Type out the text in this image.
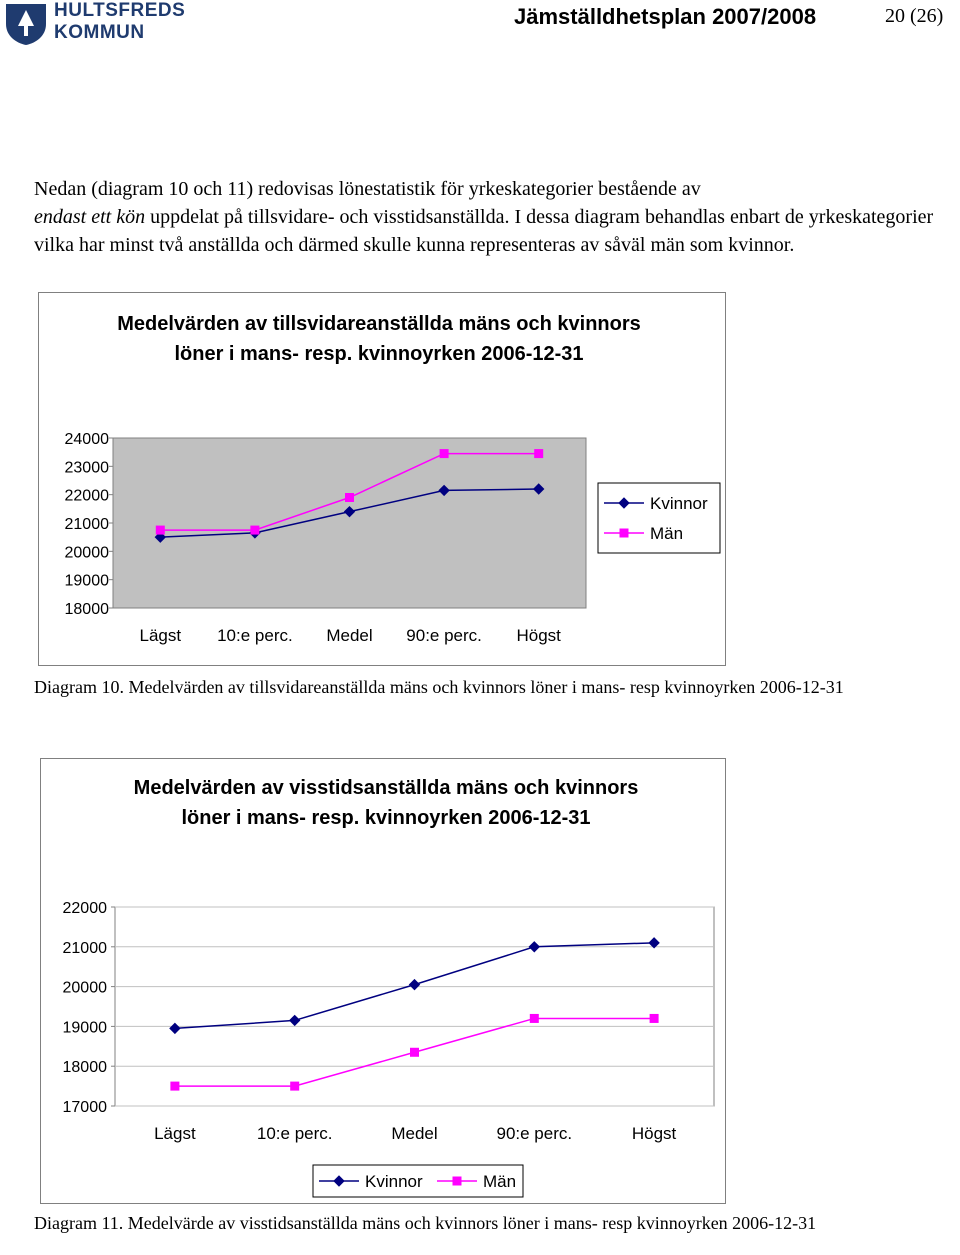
HULTSFREDS
KOMMUN
Jämställdhetsplan 2007/2008	20 (26)

Nedan (diagram 10 och 11) redovisas lönestatistik för yrkeskategorier bestående av
endast ett kön uppdelat på tillsvidare- och visstidsanställda. I dessa diagram behandlas enbart de yrkeskategorier vilka har minst två anställda och därmed skulle kunna representeras av såväl män som kvinnor.

Medelvärden av tillsvidareanställda mäns och kvinnors löner i mans- resp. kvinnoyrken 2006-12-31
18000
19000
20000
21000
22000
23000
24000
Lägst 10:e perc. Medel 90:e perc. Högst
Kvinnor
Män
Diagram 10. Medelvärden av tillsvidareanställda mäns och kvinnors löner i mans- resp kvinnoyrken 2006-12-31
Medelvärden av visstidsanställda mäns och kvinnors löner i mans- resp. kvinnoyrken 2006-12-31
17000
18000
19000
20000
21000
22000
Lägst	10:e perc.	Medel	90:e perc.	Högst
Kvinnor	Män
Diagram 11. Medelvärde av visstidsanställda mäns och kvinnors löner i mans- resp kvinnoyrken 2006-12-31
